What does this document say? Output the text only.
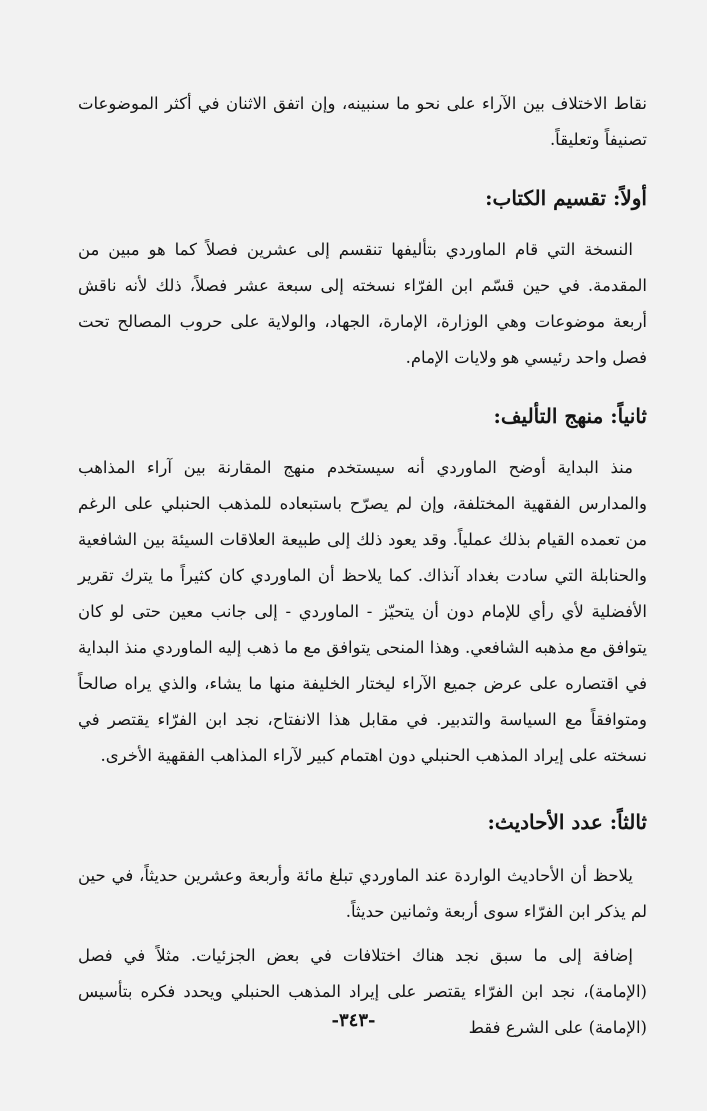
نقاط الاختلاف بين الآراء على نحو ما سنبينه، وإن اتفق الاثنان في أكثر الموضوعات تصنيفاً وتعليقاً.

أولاً: تقسيم الكتاب:

النسخة التي قام الماوردي بتأليفها تنقسم إلى عشرين فصلاً كما هو مبين من المقدمة. في حين قسّم ابن الفرّاء نسخته إلى سبعة عشر فصلاً، ذلك لأنه ناقش أربعة موضوعات وهي الوزارة، الإمارة، الجهاد، والولاية على حروب المصالح تحت فصل واحد رئيسي هو ولايات الإمام.

ثانياً: منهج التأليف:

منذ البداية أوضح الماوردي أنه سيستخدم منهج المقارنة بين آراء المذاهب والمدارس الفقهية المختلفة، وإن لم يصرّح باستبعاده للمذهب الحنبلي على الرغم من تعمده القيام بذلك عملياً. وقد يعود ذلك إلى طبيعة العلاقات السيئة بين الشافعية والحنابلة التي سادت بغداد آنذاك. كما يلاحظ أن الماوردي كان كثيراً ما يترك تقرير الأفضلية لأي رأي للإمام دون أن يتحيّز - الماوردي - إلى جانب معين حتى لو كان يتوافق مع مذهبه الشافعي. وهذا المنحى يتوافق مع ما ذهب إليه الماوردي منذ البداية في اقتصاره على عرض جميع الآراء ليختار الخليفة منها ما يشاء، والذي يراه صالحاً ومتوافقاً مع السياسة والتدبير. في مقابل هذا الانفتاح، نجد ابن الفرّاء يقتصر في نسخته على إيراد المذهب الحنبلي دون اهتمام كبير لآراء المذاهب الفقهية الأخرى.

ثالثاً: عدد الأحاديث:

يلاحظ أن الأحاديث الواردة عند الماوردي تبلغ مائة وأربعة وعشرين حديثاً، في حين لم يذكر ابن الفرّاء سوى أربعة وثمانين حديثاً.

إضافة إلى ما سبق نجد هناك اختلافات في بعض الجزئيات. مثلاً في فصل (الإمامة)، نجد ابن الفرّاء يقتصر على إيراد المذهب الحنبلي ويحدد فكره بتأسيس (الإمامة) على الشرع فقط

-٣٤٣-
